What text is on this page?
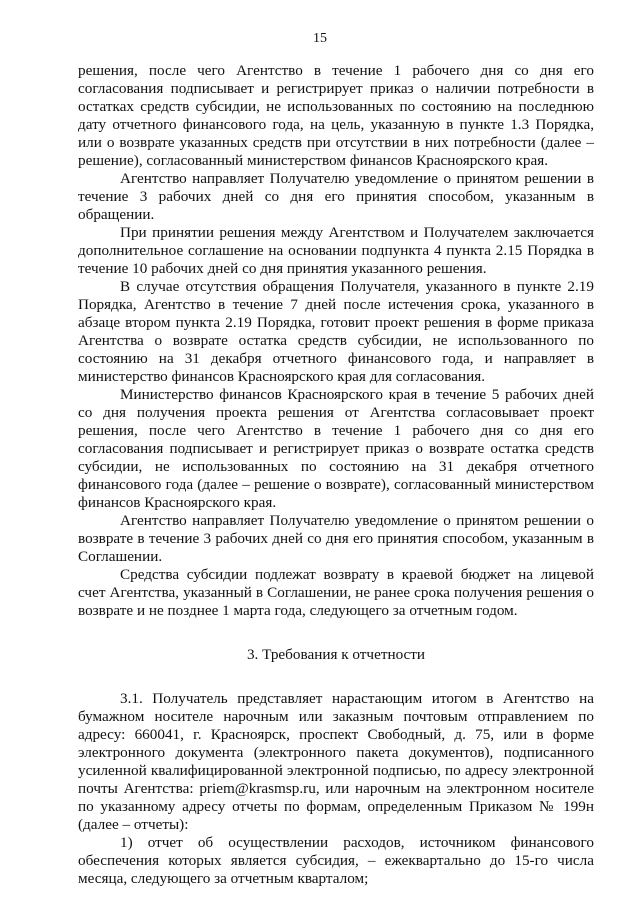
15

решения, после чего Агентство в течение 1 рабочего дня со дня его согласования подписывает и регистрирует приказ о наличии потребности в остатках средств субсидии, не использованных по состоянию на последнюю дату отчетного финансового года, на цель, указанную в пункте 1.3 Порядка, или о возврате указанных средств при отсутствии в них потребности (далее – решение), согласованный министерством финансов Красноярского края.

Агентство направляет Получателю уведомление о принятом решении в течение 3 рабочих дней со дня его принятия способом, указанным в обращении.

При принятии решения между Агентством и Получателем заключается дополнительное соглашение на основании подпункта 4 пункта 2.15 Порядка в течение 10 рабочих дней со дня принятия указанного решения.

В случае отсутствия обращения Получателя, указанного в пункте 2.19 Порядка, Агентство в течение 7 дней после истечения срока, указанного в абзаце втором пункта 2.19 Порядка, готовит проект решения в форме приказа Агентства о возврате остатка средств субсидии, не использованного по состоянию на 31 декабря отчетного финансового года, и направляет в министерство финансов Красноярского края для согласования.

Министерство финансов Красноярского края в течение 5 рабочих дней со дня получения проекта решения от Агентства согласовывает проект решения, после чего Агентство в течение 1 рабочего дня со дня его согласования подписывает и регистрирует приказ о возврате остатка средств субсидии, не использованных по состоянию на 31 декабря отчетного финансового года (далее – решение о возврате), согласованный министерством финансов Красноярского края.

Агентство направляет Получателю уведомление о принятом решении о возврате в течение 3 рабочих дней со дня его принятия способом, указанным в Соглашении.

Средства субсидии подлежат возврату в краевой бюджет на лицевой счет Агентства, указанный в Соглашении, не ранее срока получения решения о возврате и не позднее 1 марта года, следующего за отчетным годом.

3. Требования к отчетности

3.1. Получатель представляет нарастающим итогом в Агентство на бумажном носителе нарочным или заказным почтовым отправлением по адресу: 660041, г. Красноярск, проспект Свободный, д. 75, или в форме электронного документа (электронного пакета документов), подписанного усиленной квалифицированной электронной подписью, по адресу электронной почты Агентства: priem@krasmsp.ru, или нарочным на электронном носителе по указанному адресу отчеты по формам, определенным Приказом № 199н (далее – отчеты):

1) отчет об осуществлении расходов, источником финансового обеспечения которых является субсидия, – ежеквартально до 15-го числа месяца, следующего за отчетным кварталом;
